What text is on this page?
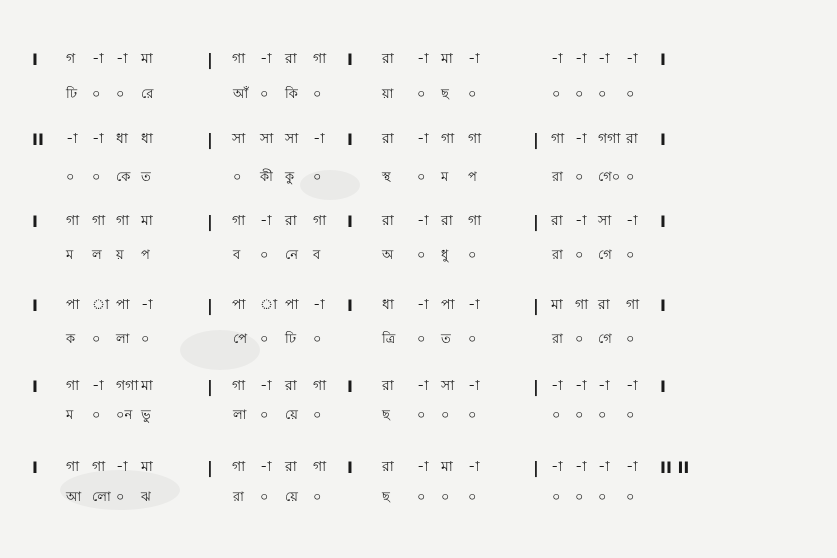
I গ -া -া মা	| গা -া রা গা I রা -া মা -া	-া -া -া -া I
ঢি ০ ০ রে	আঁ ০ কি ০	য়া ০ ছ ০	০ ০ ০ ০
II -া -া ধা ধা	| সা সা সা -া I রা -া গা গা	| গা -া গগা রা I
০ ০ কে ত	০ কী কু ০	স্থ ০ ম প	রা ০ গে০ ০
I গা গা গা মা	| গা -া রা গা I রা -া রা গা	| রা -া সা -া I
ম ল য় প	ব ০ নে ব	অ ০ ধু ০	রা ০ গে ০
I পা া পা -া	| পা া পা -া I ধা -া পা -া	| মা গা রা গা I
ক ০ লা ০	পে ০ ঢি ০	ত্রি ০ ত ০	রা ০ গে ০
I গা -া গগা মা	| গা -া রা গা I রা -া সা -া	| -া -া -া -া I
ম ০ ০ন ভু	লা ০ য়ে ০	ছ ০ ০ ০	০ ০ ০ ০
I গা গা -া মা	| গা -া রা গা I রা -া মা -া	| -া -া -া -া II II
আ লো ০ ঝ	রা ০ য়ে ০	ছ ০ ০ ০	০ ০ ০ ০
